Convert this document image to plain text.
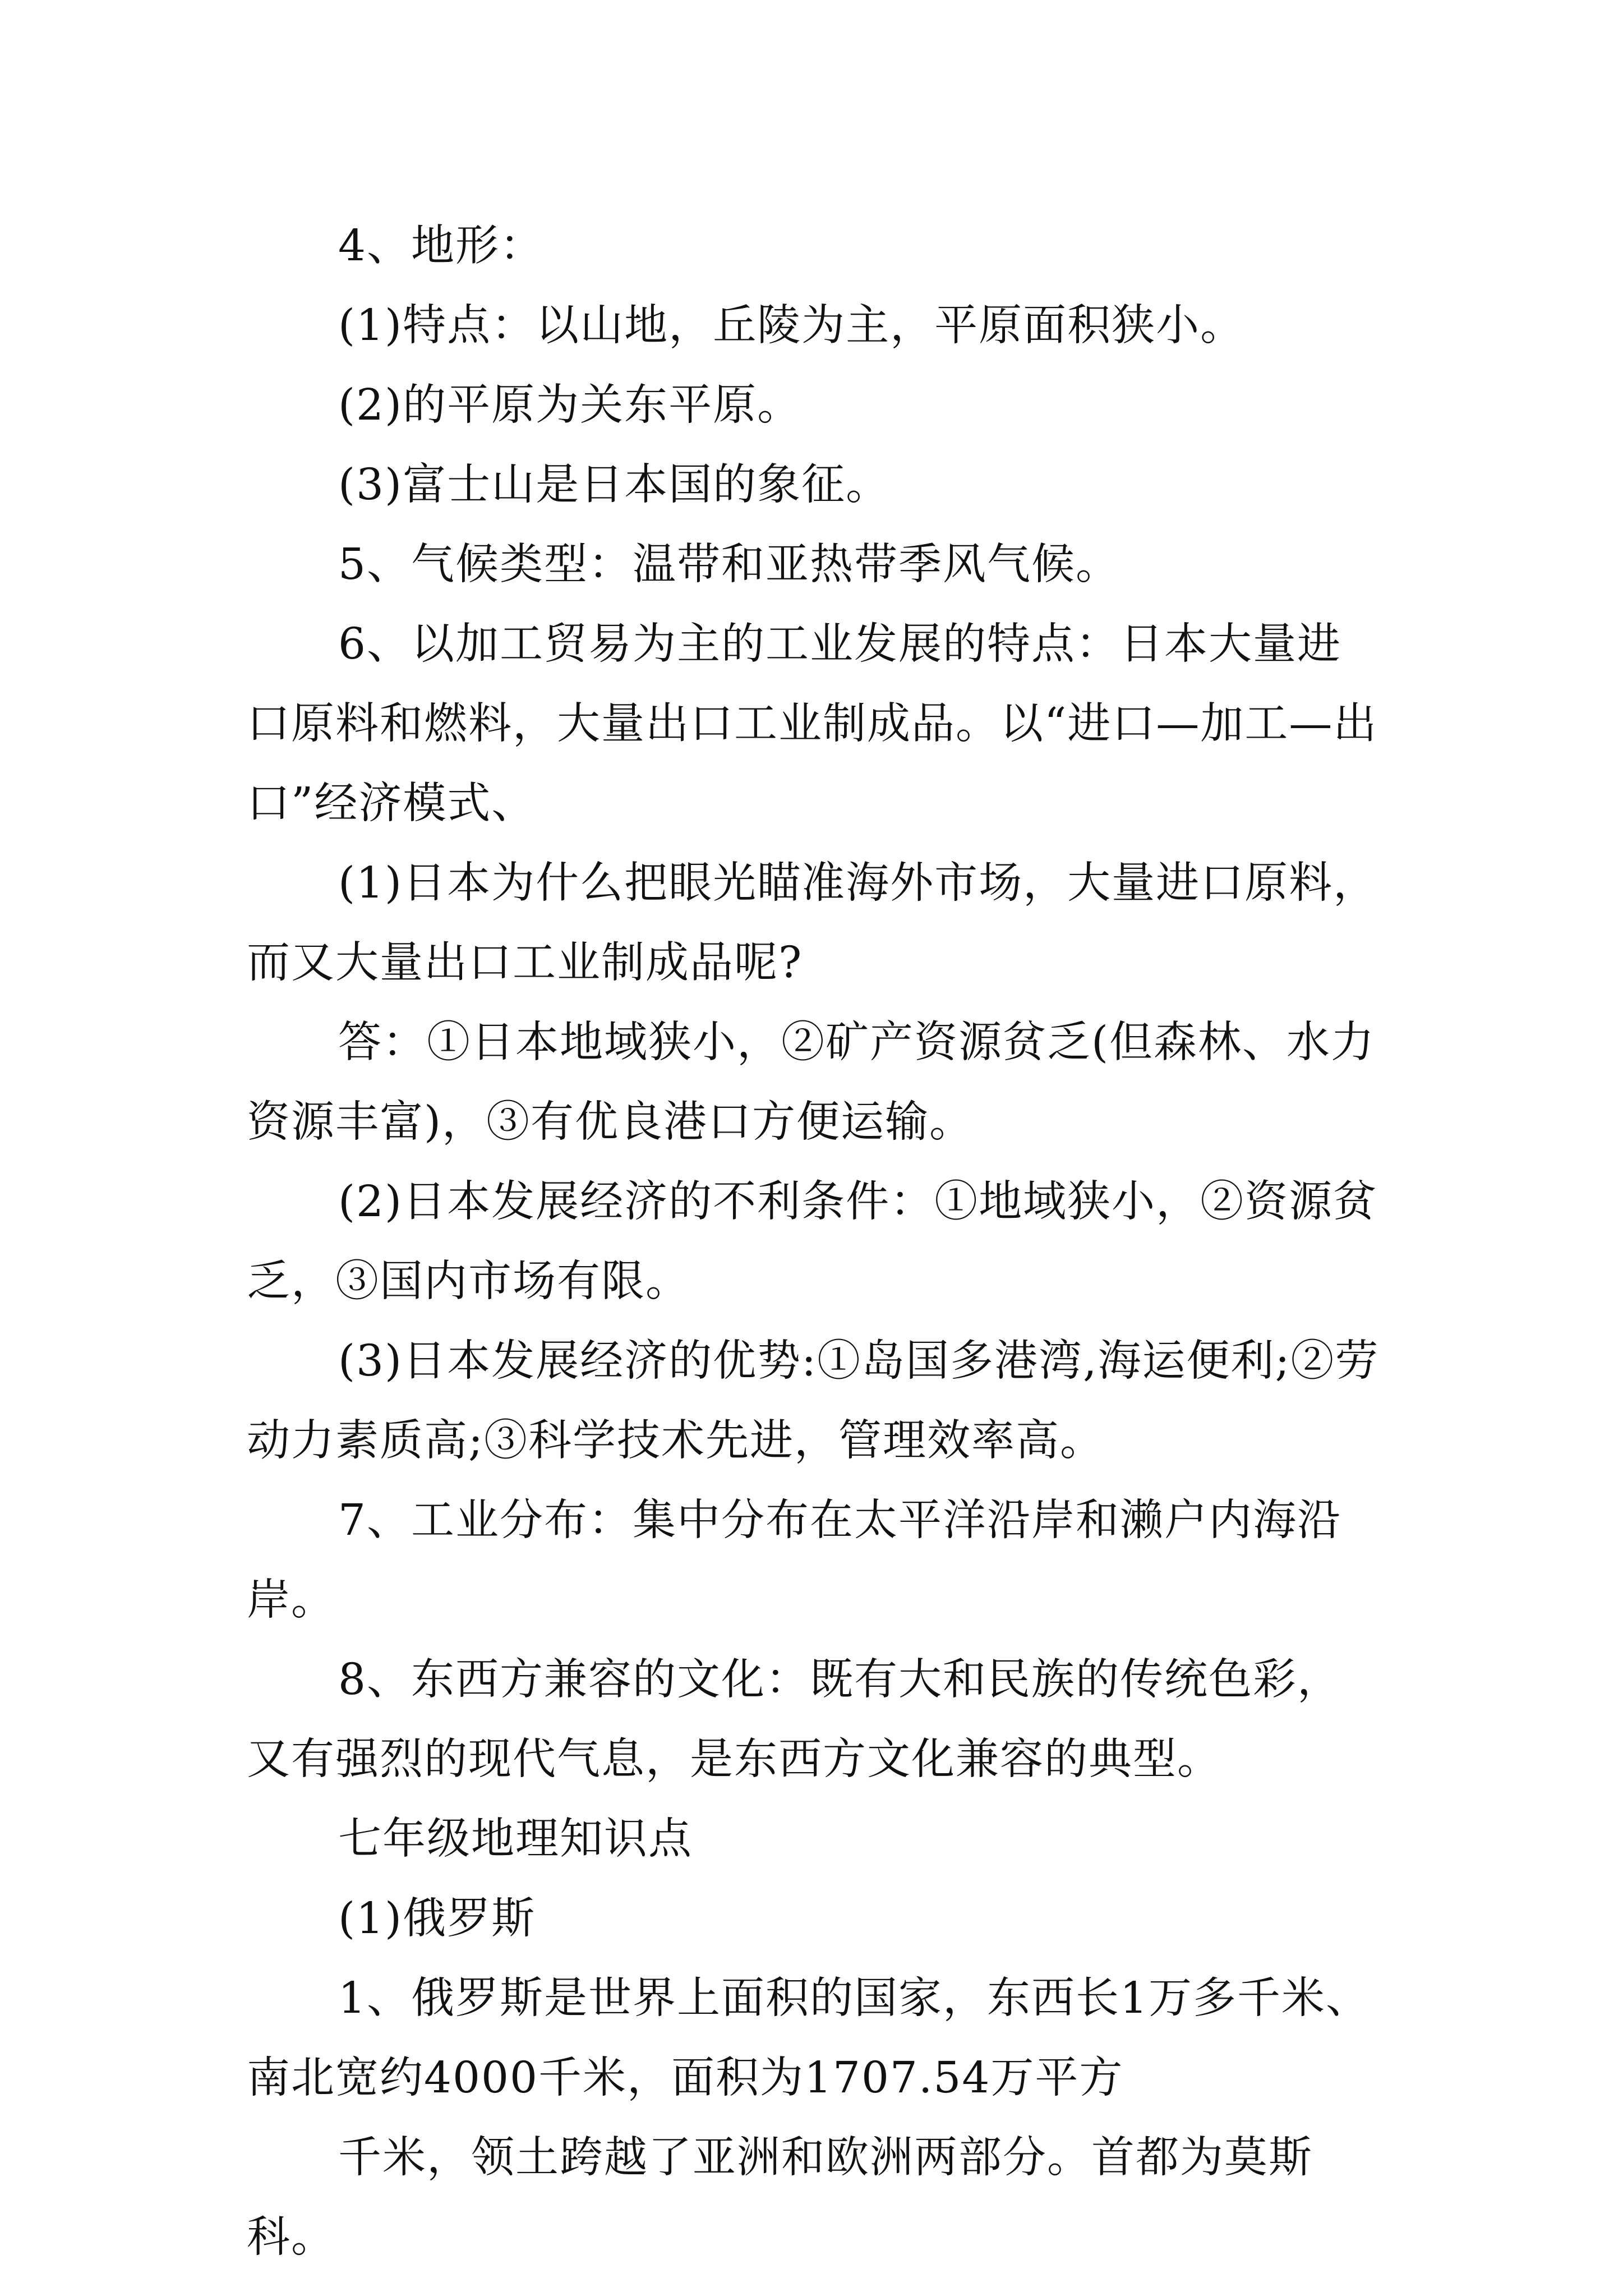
4、地形：

(1)特点：以山地，丘陵为主，平原面积狭小。

(2)的平原为关东平原。

(3)富士山是日本国的象征。

5、气候类型：温带和亚热带季风气候。

6、以加工贸易为主的工业发展的特点：日本大量进口原料和燃料，大量出口工业制成品。以“进口—加工—出口”经济模式、

(1)日本为什么把眼光瞄准海外市场，大量进口原料，而又大量出口工业制成品呢?

答：①日本地域狭小，②矿产资源贫乏(但森林、水力资源丰富)，③有优良港口方便运输。

(2)日本发展经济的不利条件：①地域狭小，②资源贫乏，③国内市场有限。

(3)日本发展经济的优势:①岛国多港湾,海运便利;②劳动力素质高;③科学技术先进，管理效率高。

7、工业分布：集中分布在太平洋沿岸和濑户内海沿岸。

8、东西方兼容的文化：既有大和民族的传统色彩，又有强烈的现代气息，是东西方文化兼容的典型。

七年级地理知识点

(1)俄罗斯

1、俄罗斯是世界上面积的国家，东西长1万多千米、南北宽约4000千米，面积为1707.54万平方

千米，领土跨越了亚洲和欧洲两部分。首都为莫斯科。
